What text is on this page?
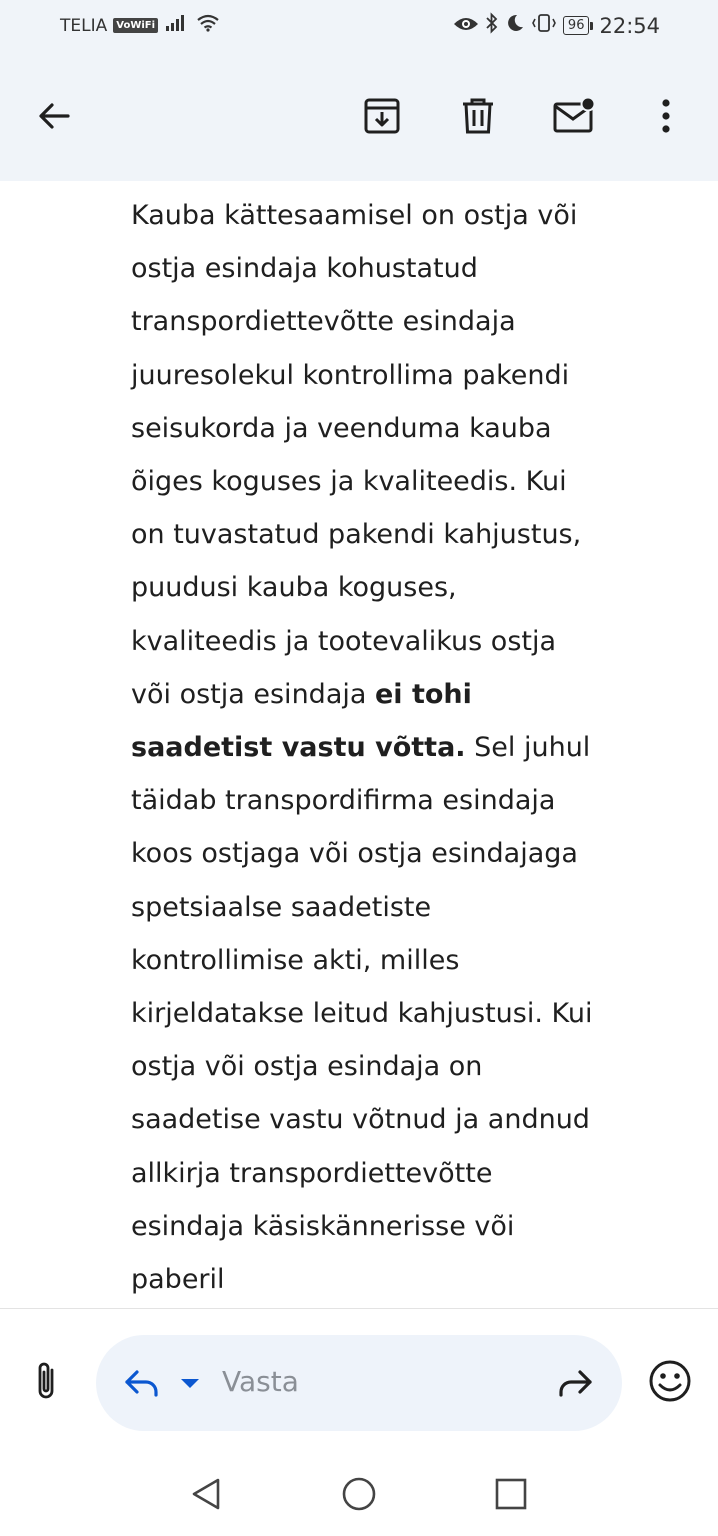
TELIA VoWiFi	96 22:54

Kauba kättesaamisel on ostja või ostja esindaja kohustatud transpordiettevõtte esindaja juuresolekul kontrollima pakendi seisukorda ja veenduma kauba õiges koguses ja kvaliteedis. Kui on tuvastatud pakendi kahjustus, puudusi kauba koguses, kvaliteedis ja tootevalikus ostja või ostja esindaja ei tohi saadetist vastu võtta. Sel juhul täidab transpordifirma esindaja koos ostjaga või ostja esindajaga spetsiaalse saadetiste kontrollimise akti, milles kirjeldatakse leitud kahjustusi. Kui ostja või ostja esindaja on saadetise vastu võtnud ja andnud allkirja transpordiettevõtte esindaja käsiskännerisse või paberil

Vasta
